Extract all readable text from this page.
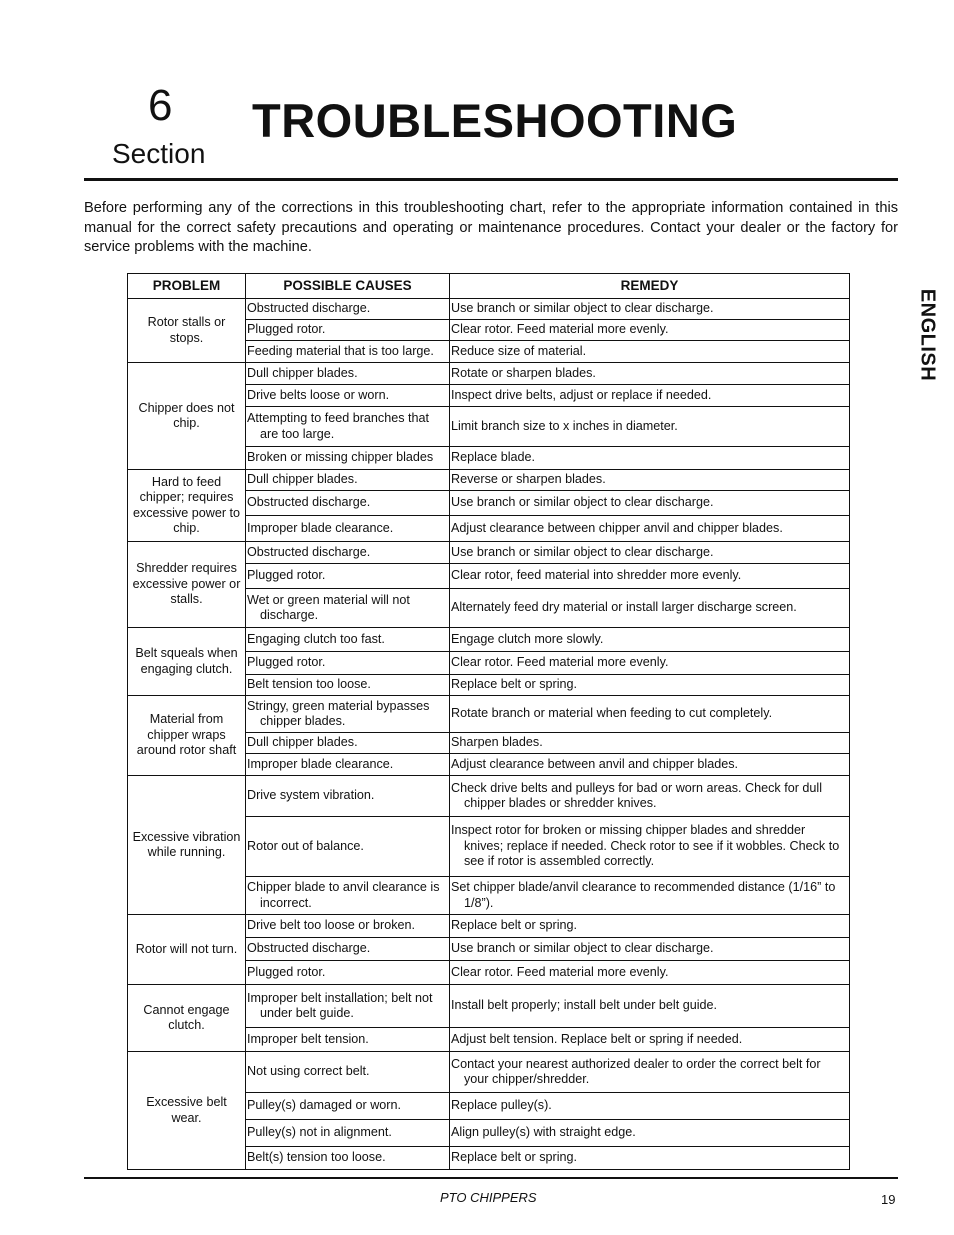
6
Section
TROUBLESHOOTING
Before performing any of the corrections in this troubleshooting chart, refer to the appropriate information contained in this manual for the correct safety precautions and operating or maintenance procedures. Contact your dealer or the factory for service problems with the machine.
ENGLISH
PROBLEM	POSSIBLE CAUSES	REMEDY
Rotor stalls or stops.	Obstructed discharge.	Use branch or similar object to clear discharge.

	Plugged rotor.	Clear rotor. Feed material more evenly.

	Feeding material that is too large.	Reduce size of material.

Chipper does not chip.	Dull chipper blades.	Rotate or sharpen blades.

	Drive belts loose or worn.	Inspect drive belts, adjust or replace if needed.

	Attempting to feed branches that are too large.	Limit branch size to x inches in diameter.

	Broken or missing chipper blades	Replace blade.

Hard to feed chipper; requires excessive power to chip.	Dull chipper blades.	Reverse or sharpen blades.

	Obstructed discharge.	Use branch or similar object to clear discharge.

	Improper blade clearance.	Adjust clearance between chipper anvil and chipper blades.

Shredder requires excessive power or stalls.	Obstructed discharge.	Use branch or similar object to clear discharge.

	Plugged rotor.	Clear rotor, feed material into shredder more evenly.

	Wet or green material will not discharge.	Alternately feed dry material or install larger discharge screen.

Belt squeals when engaging clutch.	Engaging clutch too fast.	Engage clutch more slowly.

	Plugged rotor.	Clear rotor. Feed material more evenly.

	Belt tension too loose.	Replace belt or spring.

Material from chipper wraps around rotor shaft	Stringy, green material bypasses chipper blades.	Rotate branch or material when feeding to cut completely.

	Dull chipper blades.	Sharpen blades.

	Improper blade clearance.	Adjust clearance between anvil and chipper blades.

Excessive vibration while running.	Drive system vibration.	Check drive belts and pulleys for bad or worn areas. Check for dull chipper blades or shredder knives.

	Rotor out of balance.	Inspect rotor for broken or missing chipper blades and shredder knives; replace if needed. Check rotor to see if it wobbles. Check to see if rotor is assembled correctly.

	Chipper blade to anvil clearance is incorrect.	Set chipper blade/anvil clearance to recommended distance (1/16” to 1/8”).

Rotor will not turn.	Drive belt too loose or broken.	Replace belt or spring.

	Obstructed discharge.	Use branch or similar object to clear discharge.

	Plugged rotor.	Clear rotor. Feed material more evenly.

Cannot engage clutch.	Improper belt installation; belt not under belt guide.	Install belt properly; install belt under belt guide.

	Improper belt tension.	Adjust belt tension. Replace belt or spring if needed.

Excessive belt wear.	Not using correct belt.	Contact your nearest authorized dealer to order the correct belt for your chipper/shredder.

	Pulley(s) damaged or worn.	Replace pulley(s).

	Pulley(s) not in alignment.	Align pulley(s) with straight edge.

	Belt(s) tension too loose.	Replace belt or spring.
PTO CHIPPERS	19
